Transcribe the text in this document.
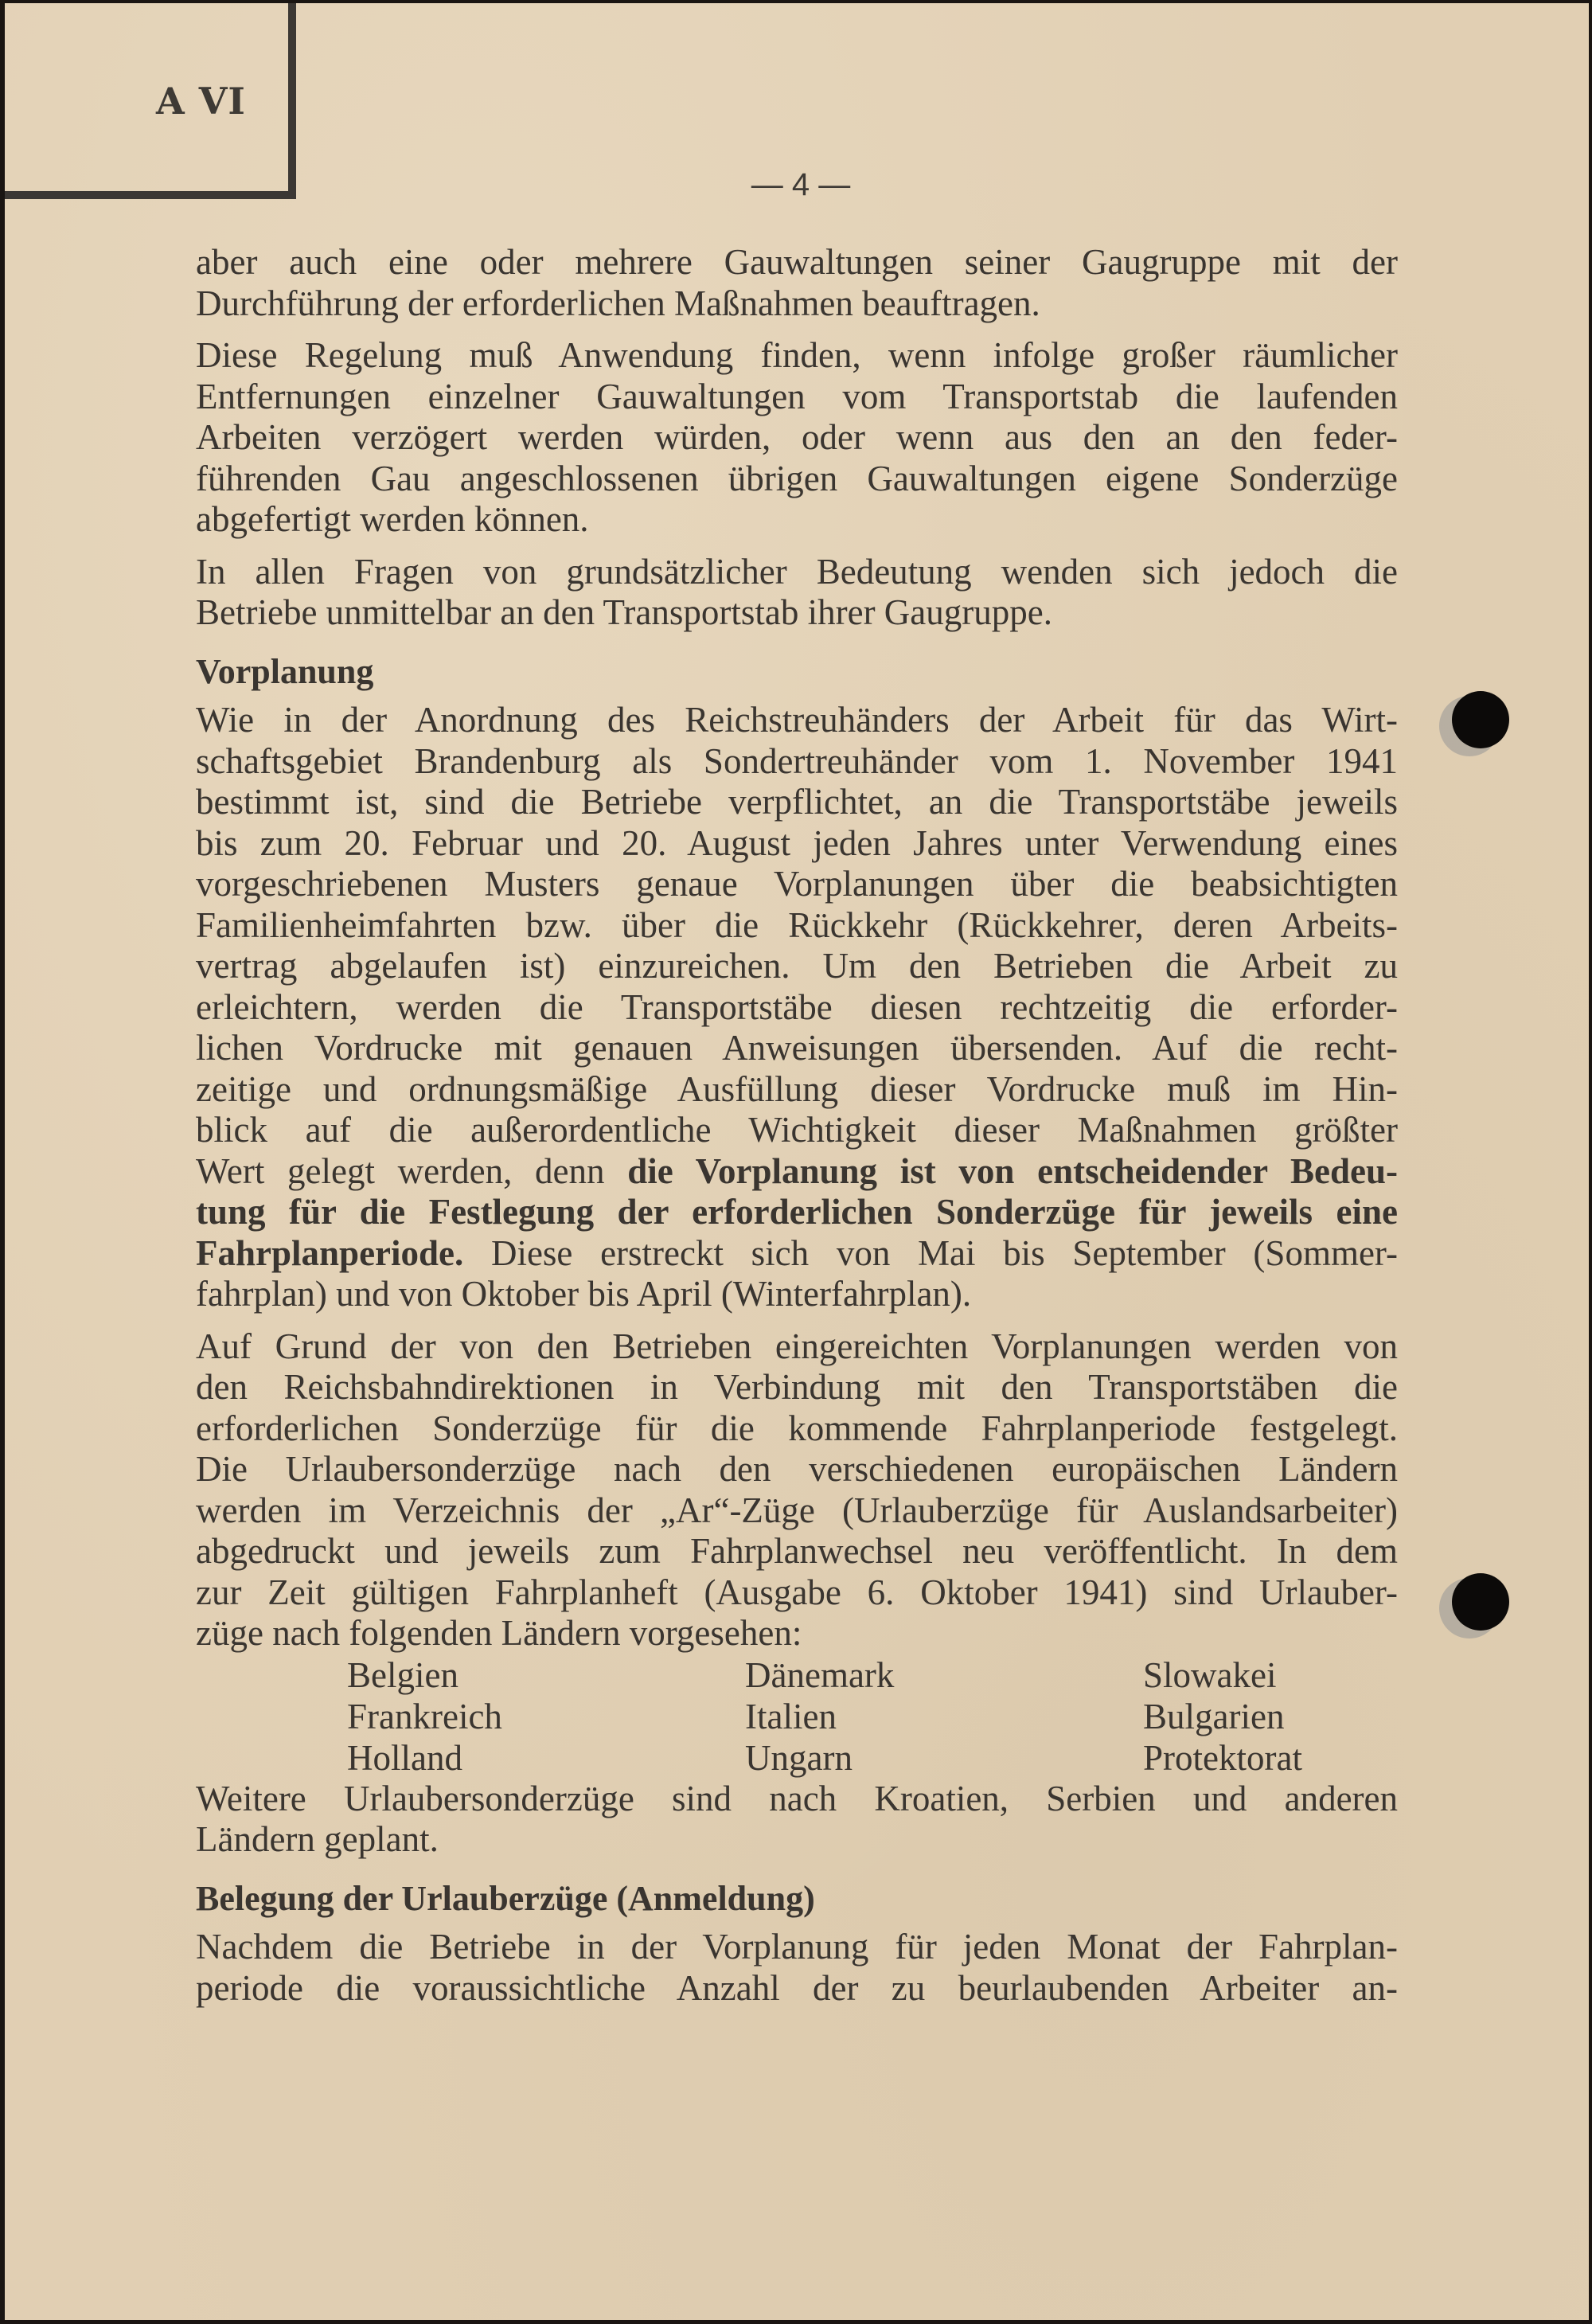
A VI
— 4 —

aber auch eine oder mehrere Gauwaltungen seiner Gaugruppe mit der
Durchführung der erforderlichen Maßnahmen beauftragen.

Diese Regelung muß Anwendung finden, wenn infolge großer räumlicher
Entfernungen einzelner Gauwaltungen vom Transportstab die laufenden
Arbeiten verzögert werden würden, oder wenn aus den an den feder-
führenden Gau angeschlossenen übrigen Gauwaltungen eigene Sonderzüge
abgefertigt werden können.

In allen Fragen von grundsätzlicher Bedeutung wenden sich jedoch die
Betriebe unmittelbar an den Transportstab ihrer Gaugruppe.

Vorplanung

Wie in der Anordnung des Reichstreuhänders der Arbeit für das Wirt-
schaftsgebiet Brandenburg als Sondertreuhänder vom 1. November 1941
bestimmt ist, sind die Betriebe verpflichtet, an die Transportstäbe jeweils
bis zum 20. Februar und 20. August jeden Jahres unter Verwendung eines
vorgeschriebenen Musters genaue Vorplanungen über die beabsichtigten
Familienheimfahrten bzw. über die Rückkehr (Rückkehrer, deren Arbeits-
vertrag abgelaufen ist) einzureichen. Um den Betrieben die Arbeit zu
erleichtern, werden die Transportstäbe diesen rechtzeitig die erforder-
lichen Vordrucke mit genauen Anweisungen übersenden. Auf die recht-
zeitige und ordnungsmäßige Ausfüllung dieser Vordrucke muß im Hin-
blick auf die außerordentliche Wichtigkeit dieser Maßnahmen größter
Wert gelegt werden, denn die Vorplanung ist von entscheidender Bedeu-
tung für die Festlegung der erforderlichen Sonderzüge für jeweils eine
Fahrplanperiode. Diese erstreckt sich von Mai bis September (Sommer-
fahrplan) und von Oktober bis April (Winterfahrplan).

Auf Grund der von den Betrieben eingereichten Vorplanungen werden von
den Reichsbahndirektionen in Verbindung mit den Transportstäben die
erforderlichen Sonderzüge für die kommende Fahrplanperiode festgelegt.
Die Urlaubersonderzüge nach den verschiedenen europäischen Ländern
werden im Verzeichnis der „Ar“-Züge (Urlauberzüge für Auslandsarbeiter)
abgedruckt und jeweils zum Fahrplanwechsel neu veröffentlicht. In dem
zur Zeit gültigen Fahrplanheft (Ausgabe 6. Oktober 1941) sind Urlauber-
züge nach folgenden Ländern vorgesehen:

Belgien	Dänemark	Slowakei
Frankreich	Italien	Bulgarien
Holland	Ungarn	Protektorat

Weitere Urlaubersonderzüge sind nach Kroatien, Serbien und anderen
Ländern geplant.

Belegung der Urlauberzüge (Anmeldung)

Nachdem die Betriebe in der Vorplanung für jeden Monat der Fahrplan-
periode die voraussichtliche Anzahl der zu beurlaubenden Arbeiter an-
